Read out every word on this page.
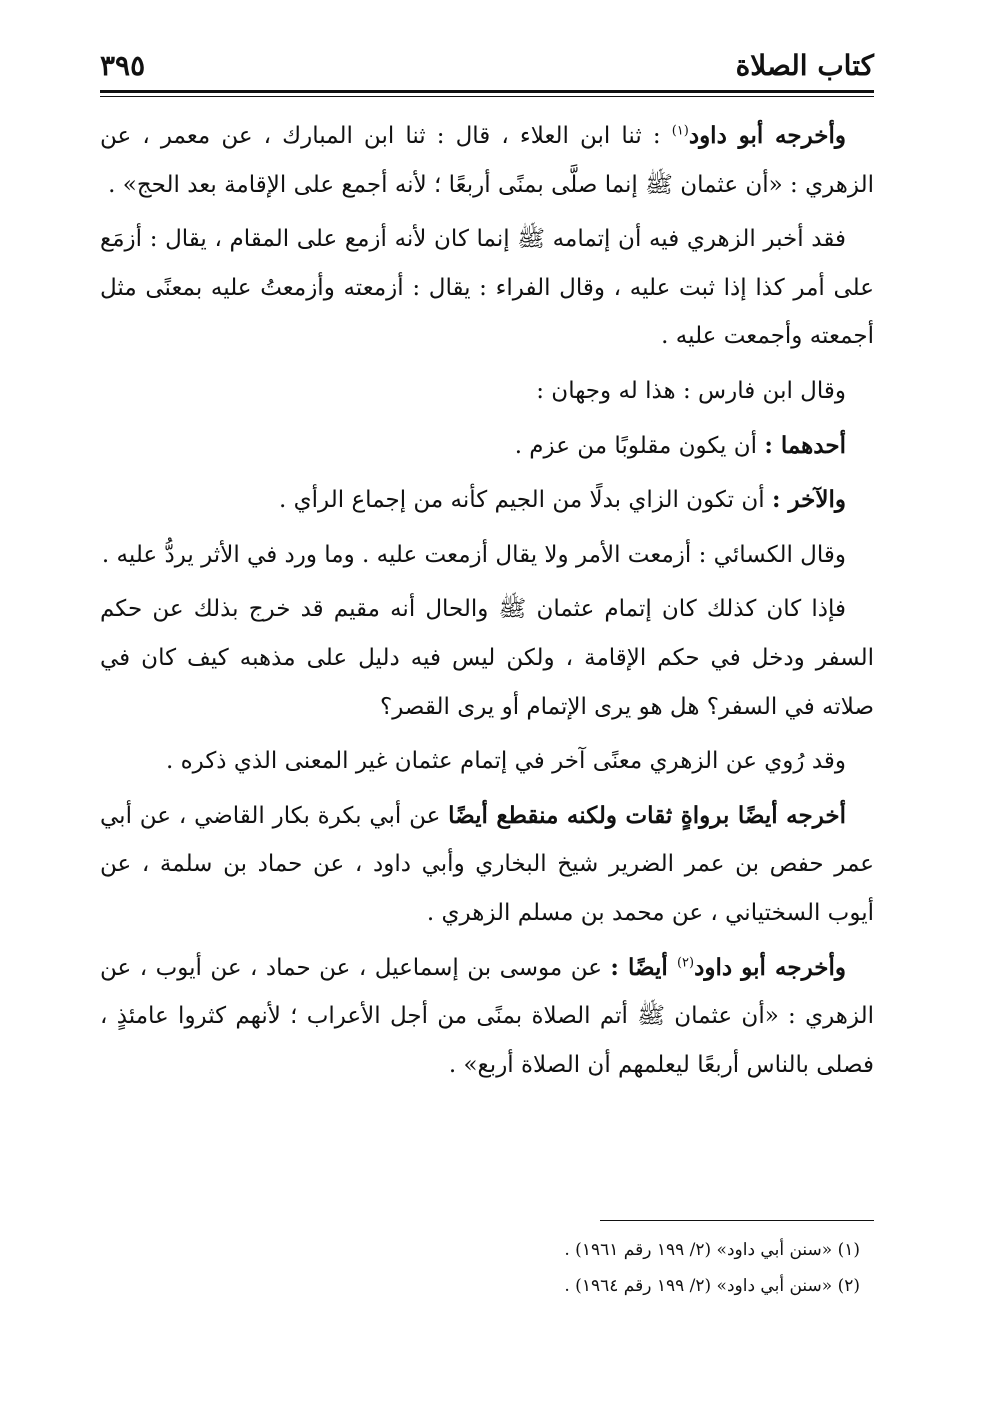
كتاب الصلاة
٣٩٥

وأخرجه أبو داود$^{(١)}$ : ثنا ابن العلاء ، قال : ثنا ابن المبارك ، عن معمر ، عن الزهري : «أن عثمان ﷺ إنما صلَّى بمنًى أربعًا ؛ لأنه أجمع على الإقامة بعد الحج» .

فقد أخبر الزهري فيه أن إتمامه ﷺ إنما كان لأنه أزمع على المقام ، يقال : أزمَع على أمر كذا إذا ثبت عليه ، وقال الفراء : يقال : أزمعته وأزمعتُ عليه بمعنًى مثل أجمعته وأجمعت عليه .

وقال ابن فارس : هذا له وجهان :

أحدهما : أن يكون مقلوبًا من عزم .

والآخر : أن تكون الزاي بدلًا من الجيم كأنه من إجماع الرأي .

وقال الكسائي : أزمعت الأمر ولا يقال أزمعت عليه . وما ورد في الأثر يردُّ عليه .

فإذا كان كذلك كان إتمام عثمان ﷺ والحال أنه مقيم قد خرج بذلك عن حكم السفر ودخل في حكم الإقامة ، ولكن ليس فيه دليل على مذهبه كيف كان في صلاته في السفر؟ هل هو يرى الإتمام أو يرى القصر؟

وقد رُوي عن الزهري معنًى آخر في إتمام عثمان غير المعنى الذي ذكره .

أخرجه أيضًا برواةٍ ثقات ولكنه منقطع أيضًا عن أبي بكرة بكار القاضي ، عن أبي عمر حفص بن عمر الضرير شيخ البخاري وأبي داود ، عن حماد بن سلمة ، عن أيوب السختياني ، عن محمد بن مسلم الزهري .

وأخرجه أبو داود$^{(٢)}$ أيضًا : عن موسى بن إسماعيل ، عن حماد ، عن أيوب ، عن الزهري : «أن عثمان ﷺ أتم الصلاة بمنًى من أجل الأعراب ؛ لأنهم كثروا عامئذٍ ، فصلى بالناس أربعًا ليعلمهم أن الصلاة أربع» .

(١) «سنن أبي داود» (٢/ ١٩٩ رقم ١٩٦١) .

(٢) «سنن أبي داود» (٢/ ١٩٩ رقم ١٩٦٤) .
